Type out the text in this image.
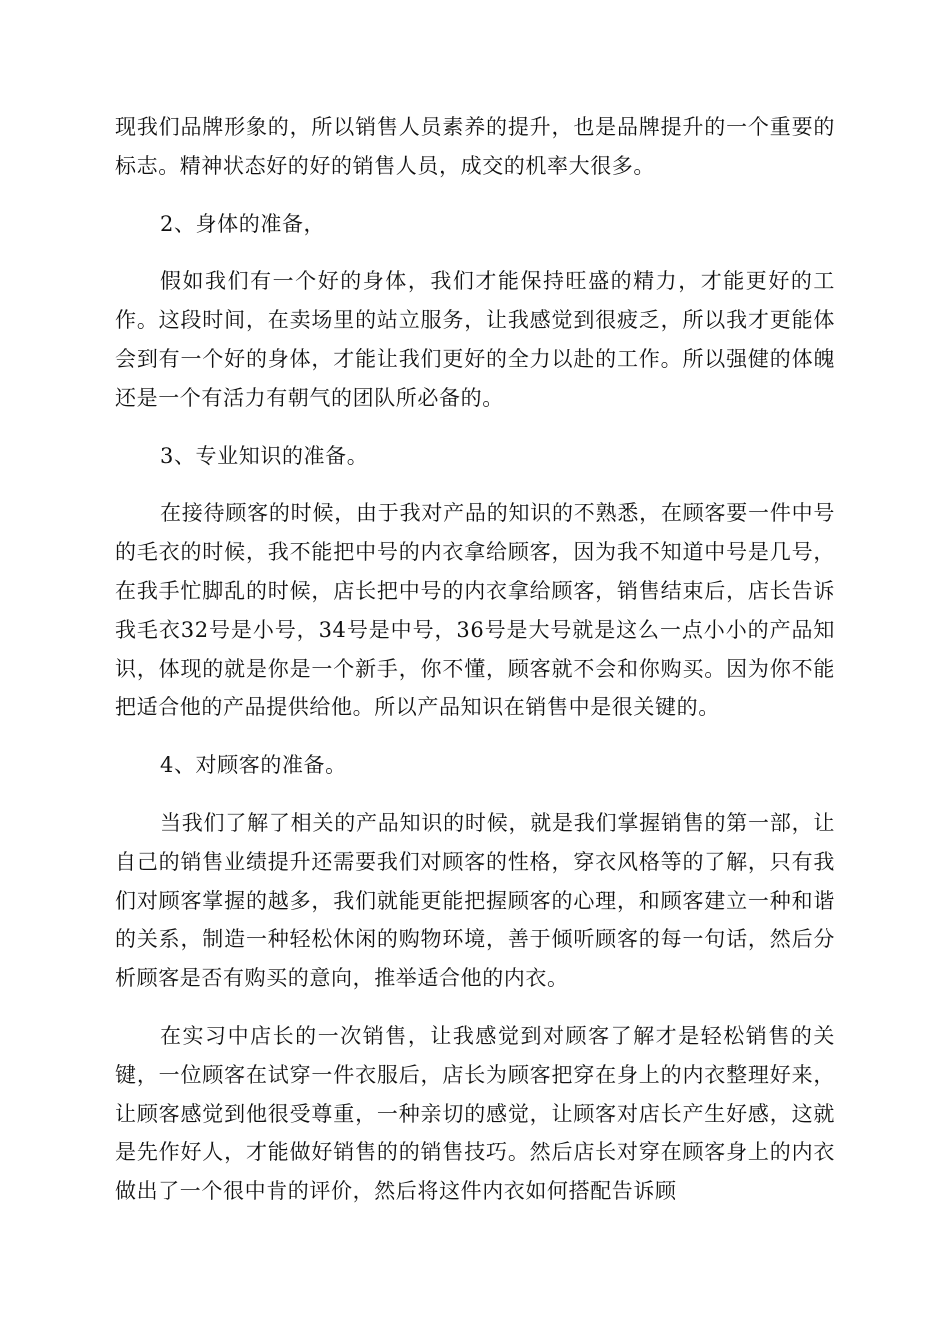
现我们品牌形象的，所以销售人员素养的提升，也是品牌提升的一个重要的标志。精神状态好的好的销售人员，成交的机率大很多。

2、身体的准备，

假如我们有一个好的身体，我们才能保持旺盛的精力，才能更好的工作。这段时间，在卖场里的站立服务，让我感觉到很疲乏，所以我才更能体会到有一个好的身体，才能让我们更好的全力以赴的工作。所以强健的体魄还是一个有活力有朝气的团队所必备的。

3、专业知识的准备。

在接待顾客的时候，由于我对产品的知识的不熟悉，在顾客要一件中号的毛衣的时候，我不能把中号的内衣拿给顾客，因为我不知道中号是几号，在我手忙脚乱的时候，店长把中号的内衣拿给顾客，销售结束后，店长告诉我毛衣32号是小号，34号是中号，36号是大号就是这么一点小小的产品知识，体现的就是你是一个新手，你不懂，顾客就不会和你购买。因为你不能把适合他的产品提供给他。所以产品知识在销售中是很关键的。

4、对顾客的准备。

当我们了解了相关的产品知识的时候，就是我们掌握销售的第一部，让自己的销售业绩提升还需要我们对顾客的性格，穿衣风格等的了解，只有我们对顾客掌握的越多，我们就能更能把握顾客的心理，和顾客建立一种和谐的关系，制造一种轻松休闲的购物环境，善于倾听顾客的每一句话，然后分析顾客是否有购买的意向，推举适合他的内衣。

在实习中店长的一次销售，让我感觉到对顾客了解才是轻松销售的关键，一位顾客在试穿一件衣服后，店长为顾客把穿在身上的内衣整理好来，让顾客感觉到他很受尊重，一种亲切的感觉，让顾客对店长产生好感，这就是先作好人，才能做好销售的的销售技巧。然后店长对穿在顾客身上的内衣做出了一个很中肯的评价，然后将这件内衣如何搭配告诉顾
